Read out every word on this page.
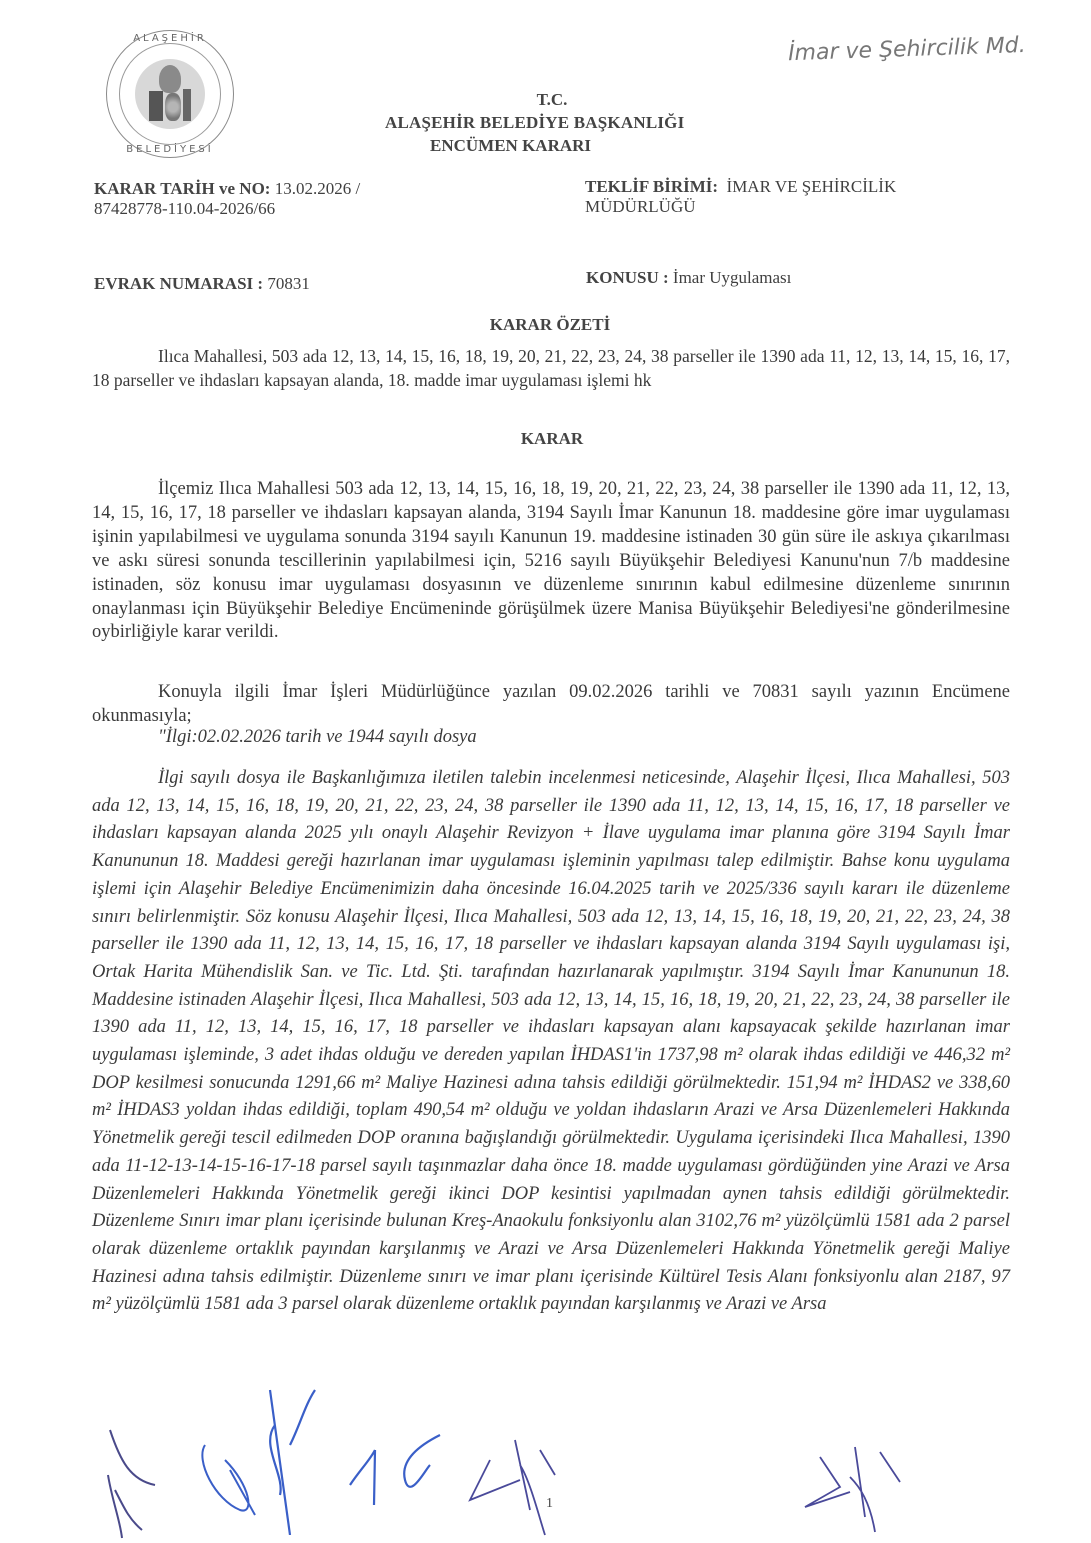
ALAŞEHİR
BELEDİYESİ
T.C.
ALAŞEHİR BELEDİYE BAŞKANLIĞI
ENCÜMEN KARARI
İmar ve Şehircilik Md.
KARAR TARİH ve NO: 13.02.2026 /
87428778-110.04-2026/66
TEKLİF BİRİMİ: İMAR VE ŞEHİRCİLİK
MÜDÜRLÜĞÜ
EVRAK NUMARASI : 70831	KONUSU : İmar Uygulaması
KARAR ÖZETİ
Ilıca Mahallesi, 503 ada 12, 13, 14, 15, 16, 18, 19, 20, 21, 22, 23, 24, 38 parseller ile 1390 ada 11, 12, 13, 14, 15, 16, 17, 18 parseller ve ihdasları kapsayan alanda, 18. madde imar uygulaması işlemi hk
KARAR
İlçemiz Ilıca Mahallesi 503 ada 12, 13, 14, 15, 16, 18, 19, 20, 21, 22, 23, 24, 38 parseller ile 1390 ada 11, 12, 13, 14, 15, 16, 17, 18 parseller ve ihdasları kapsayan alanda, 3194 Sayılı İmar Kanunun 18. maddesine göre imar uygulaması işinin yapılabilmesi ve uygulama sonunda 3194 sayılı Kanunun 19. maddesine istinaden 30 gün süre ile askıya çıkarılması ve askı süresi sonunda tescillerinin yapılabilmesi için, 5216 sayılı Büyükşehir Belediyesi Kanunu'nun 7/b maddesine istinaden, söz konusu imar uygulaması dosyasının ve düzenleme sınırının kabul edilmesine düzenleme sınırının onaylanması için Büyükşehir Belediye Encümeninde görüşülmek üzere Manisa Büyükşehir Belediyesi'ne gönderilmesine oybirliğiyle karar verildi.
Konuyla ilgili İmar İşleri Müdürlüğünce yazılan 09.02.2026 tarihli ve 70831 sayılı yazının Encümene okunmasıyla;
"İlgi:02.02.2026 tarih ve 1944 sayılı dosya
İlgi sayılı dosya ile Başkanlığımıza iletilen talebin incelenmesi neticesinde, Alaşehir İlçesi, Ilıca Mahallesi, 503 ada 12, 13, 14, 15, 16, 18, 19, 20, 21, 22, 23, 24, 38 parseller ile 1390 ada 11, 12, 13, 14, 15, 16, 17, 18 parseller ve ihdasları kapsayan alanda 2025 yılı onaylı Alaşehir Revizyon + İlave uygulama imar planına göre 3194 Sayılı İmar Kanununun 18. Maddesi gereği hazırlanan imar uygulaması işleminin yapılması talep edilmiştir. Bahse konu uygulama işlemi için Alaşehir Belediye Encümenimizin daha öncesinde 16.04.2025 tarih ve 2025/336 sayılı kararı ile düzenleme sınırı belirlenmiştir. Söz konusu Alaşehir İlçesi, Ilıca Mahallesi, 503 ada 12, 13, 14, 15, 16, 18, 19, 20, 21, 22, 23, 24, 38 parseller ile 1390 ada 11, 12, 13, 14, 15, 16, 17, 18 parseller ve ihdasları kapsayan alanda 3194 Sayılı uygulaması işi, Ortak Harita Mühendislik San. ve Tic. Ltd. Şti. tarafından hazırlanarak yapılmıştır. 3194 Sayılı İmar Kanununun 18. Maddesine istinaden Alaşehir İlçesi, Ilıca Mahallesi, 503 ada 12, 13, 14, 15, 16, 18, 19, 20, 21, 22, 23, 24, 38 parseller ile 1390 ada 11, 12, 13, 14, 15, 16, 17, 18 parseller ve ihdasları kapsayan alanı kapsayacak şekilde hazırlanan imar uygulaması işleminde, 3 adet ihdas olduğu ve dereden yapılan İHDAS1'in 1737,98 m² olarak ihdas edildiği ve 446,32 m² DOP kesilmesi sonucunda 1291,66 m² Maliye Hazinesi adına tahsis edildiği görülmektedir. 151,94 m² İHDAS2 ve 338,60 m² İHDAS3 yoldan ihdas edildiği, toplam 490,54 m² olduğu ve yoldan ihdasların Arazi ve Arsa Düzenlemeleri Hakkında Yönetmelik gereği tescil edilmeden DOP oranına bağışlandığı görülmektedir. Uygulama içerisindeki Ilıca Mahallesi, 1390 ada 11-12-13-14-15-16-17-18 parsel sayılı taşınmazlar daha önce 18. madde uygulaması gördüğünden yine Arazi ve Arsa Düzenlemeleri Hakkında Yönetmelik gereği ikinci DOP kesintisi yapılmadan aynen tahsis edildiği görülmektedir. Düzenleme Sınırı imar planı içerisinde bulunan Kreş-Anaokulu fonksiyonlu alan 3102,76 m² yüzölçümlü 1581 ada 2 parsel olarak düzenleme ortaklık payından karşılanmış ve Arazi ve Arsa Düzenlemeleri Hakkında Yönetmelik gereği Maliye Hazinesi adına tahsis edilmiştir. Düzenleme sınırı ve imar planı içerisinde Kültürel Tesis Alanı fonksiyonlu alan 2187, 97 m² yüzölçümlü 1581 ada 3 parsel olarak düzenleme ortaklık payından karşılanmış ve Arazi ve Arsa
1
